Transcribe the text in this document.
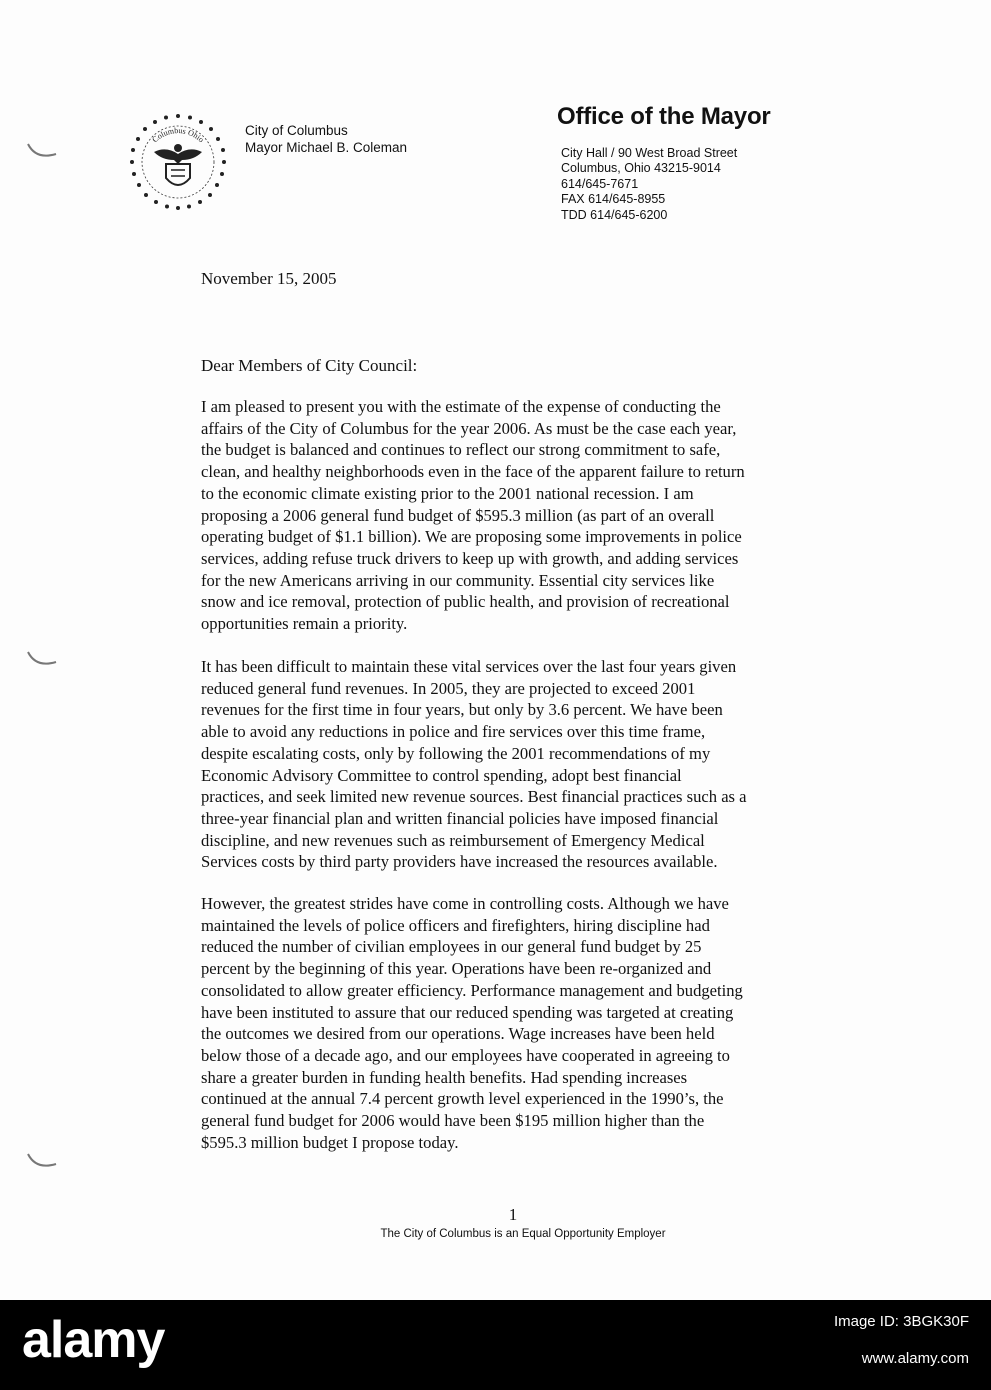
Columbus Ohio
City of Columbus
Mayor Michael B. Coleman
Office of the Mayor
City Hall / 90 West Broad Street
Columbus, Ohio 43215-9014
614/645-7671
FAX 614/645-8955
TDD 614/645-6200
November 15, 2005
Dear Members of City Council:
I am pleased to present you with the estimate of the expense of conducting the
affairs of the City of Columbus for the year 2006. As must be the case each year,
the budget is balanced and continues to reflect our strong commitment to safe,
clean, and healthy neighborhoods even in the face of the apparent failure to return
to the economic climate existing prior to the 2001 national recession. I am
proposing a 2006 general fund budget of $595.3 million (as part of an overall
operating budget of $1.1 billion). We are proposing some improvements in police
services, adding refuse truck drivers to keep up with growth, and adding services
for the new Americans arriving in our community. Essential city services like
snow and ice removal, protection of public health, and provision of recreational
opportunities remain a priority.
It has been difficult to maintain these vital services over the last four years given
reduced general fund revenues. In 2005, they are projected to exceed 2001
revenues for the first time in four years, but only by 3.6 percent. We have been
able to avoid any reductions in police and fire services over this time frame,
despite escalating costs, only by following the 2001 recommendations of my
Economic Advisory Committee to control spending, adopt best financial
practices, and seek limited new revenue sources. Best financial practices such as a
three-year financial plan and written financial policies have imposed financial
discipline, and new revenues such as reimbursement of Emergency Medical
Services costs by third party providers have increased the resources available.
However, the greatest strides have come in controlling costs. Although we have
maintained the levels of police officers and firefighters, hiring discipline had
reduced the number of civilian employees in our general fund budget by 25
percent by the beginning of this year. Operations have been re-organized and
consolidated to allow greater efficiency. Performance management and budgeting
have been instituted to assure that our reduced spending was targeted at creating
the outcomes we desired from our operations. Wage increases have been held
below those of a decade ago, and our employees have cooperated in agreeing to
share a greater burden in funding health benefits. Had spending increases
continued at the annual 7.4 percent growth level experienced in the 1990’s, the
general fund budget for 2006 would have been $195 million higher than the
$595.3 million budget I propose today.
1
The City of Columbus is an Equal Opportunity Employer
alamy	Image ID: 3BGK30F
www.alamy.com
